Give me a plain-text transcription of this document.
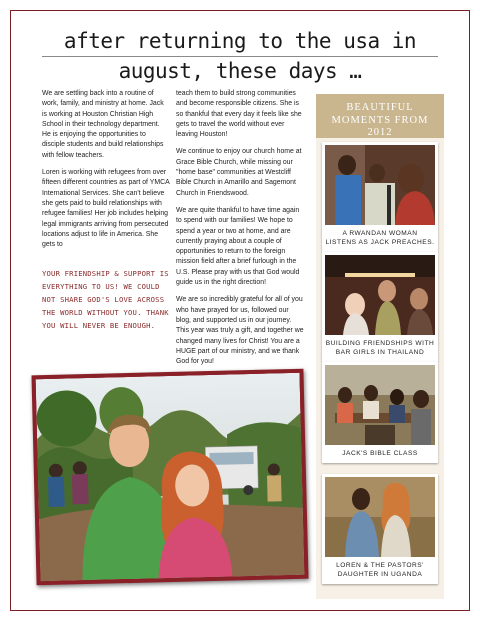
after returning to the usa in august, these days …

We are settling back into a routine of work, family, and ministry at home. Jack is working at Houston Christian High School in their technology department. He is enjoying the opportunities to disciple students and build relationships with fellow teachers.

Loren is working with refugees from over fifteen different countries as part of YMCA International Services. She can't believe she gets paid to build relationships with refugee families! Her job includes helping legal immigrants arriving from persecuted locations adjust to life in America. She gets to

YOUR FRIENDSHIP & SUPPORT IS EVERYTHING TO US! WE COULD NOT SHARE GOD'S LOVE ACROSS THE WORLD WITHOUT YOU. THANK YOU WILL NEVER BE ENOUGH.

teach them to build strong communities and become responsible citizens. She is so thankful that every day it feels like she gets to travel the world without ever leaving Houston!

We continue to enjoy our church home at Grace Bible Church, while missing our "home base" communities at Westcliff Bible Church in Amarillo and Sagemont Church in Friendswood.

We are quite thankful to have time again to spend with our families! We hope to spend a year or two at home, and are currently praying about a couple of opportunities to return to the foreign mission field after a brief furlough in the U.S. Please pray with us that God would guide us in the right direction!

We are so incredibly grateful for all of you who have prayed for us, followed our blog, and supported us in our journey. This year was truly a gift, and together we changed many lives for Christ! You are a HUGE part of our ministry, and we thank God for you!

BEAUTIFUL
MOMENTS FROM
2012
A RWANDAN WOMAN
LISTENS AS JACK PREACHES.
BUILDING FRIENDSHIPS WITH
BAR GIRLS IN THAILAND
JACK'S BIBLE CLASS
LOREN & THE PASTORS'
DAUGHTER IN UGANDA
